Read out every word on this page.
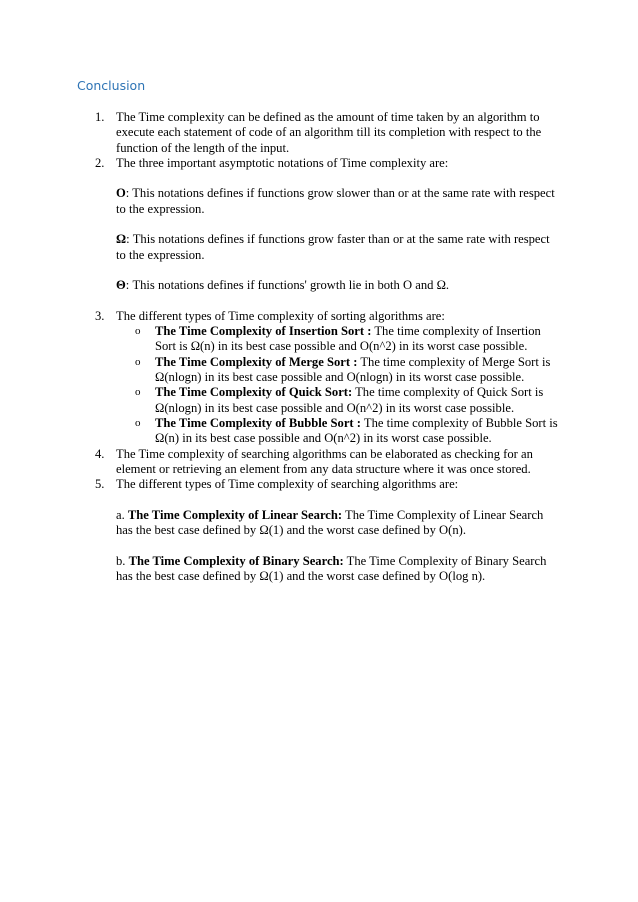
Conclusion
1. The Time complexity can be defined as the amount of time taken by an algorithm to execute each statement of code of an algorithm till its completion with respect to the function of the length of the input.

2. The three important asymptotic notations of Time complexity are:

O: This notations defines if functions grow slower than or at the same rate with respect to the expression.

Ω: This notations defines if functions grow faster than or at the same rate with respect to the expression.

Θ: This notations defines if functions' growth lie in both O and Ω.

3. The different types of Time complexity of sorting algorithms are:

o The Time Complexity of Insertion Sort : The time complexity of Insertion Sort is Ω(n) in its best case possible and O(n^2) in its worst case possible.

o The Time Complexity of Merge Sort : The time complexity of Merge Sort is Ω(nlogn) in its best case possible and O(nlogn) in its worst case possible.

o The Time Complexity of Quick Sort: The time complexity of Quick Sort is Ω(nlogn) in its best case possible and O(n^2) in its worst case possible.

o The Time Complexity of Bubble Sort : The time complexity of Bubble Sort is Ω(n) in its best case possible and O(n^2) in its worst case possible.

4. The Time complexity of searching algorithms can be elaborated as checking for an element or retrieving an element from any data structure where it was once stored.

5. The different types of Time complexity of searching algorithms are:

a. The Time Complexity of Linear Search: The Time Complexity of Linear Search has the best case defined by Ω(1) and the worst case defined by O(n).

b. The Time Complexity of Binary Search: The Time Complexity of Binary Search has the best case defined by Ω(1) and the worst case defined by O(log n).
